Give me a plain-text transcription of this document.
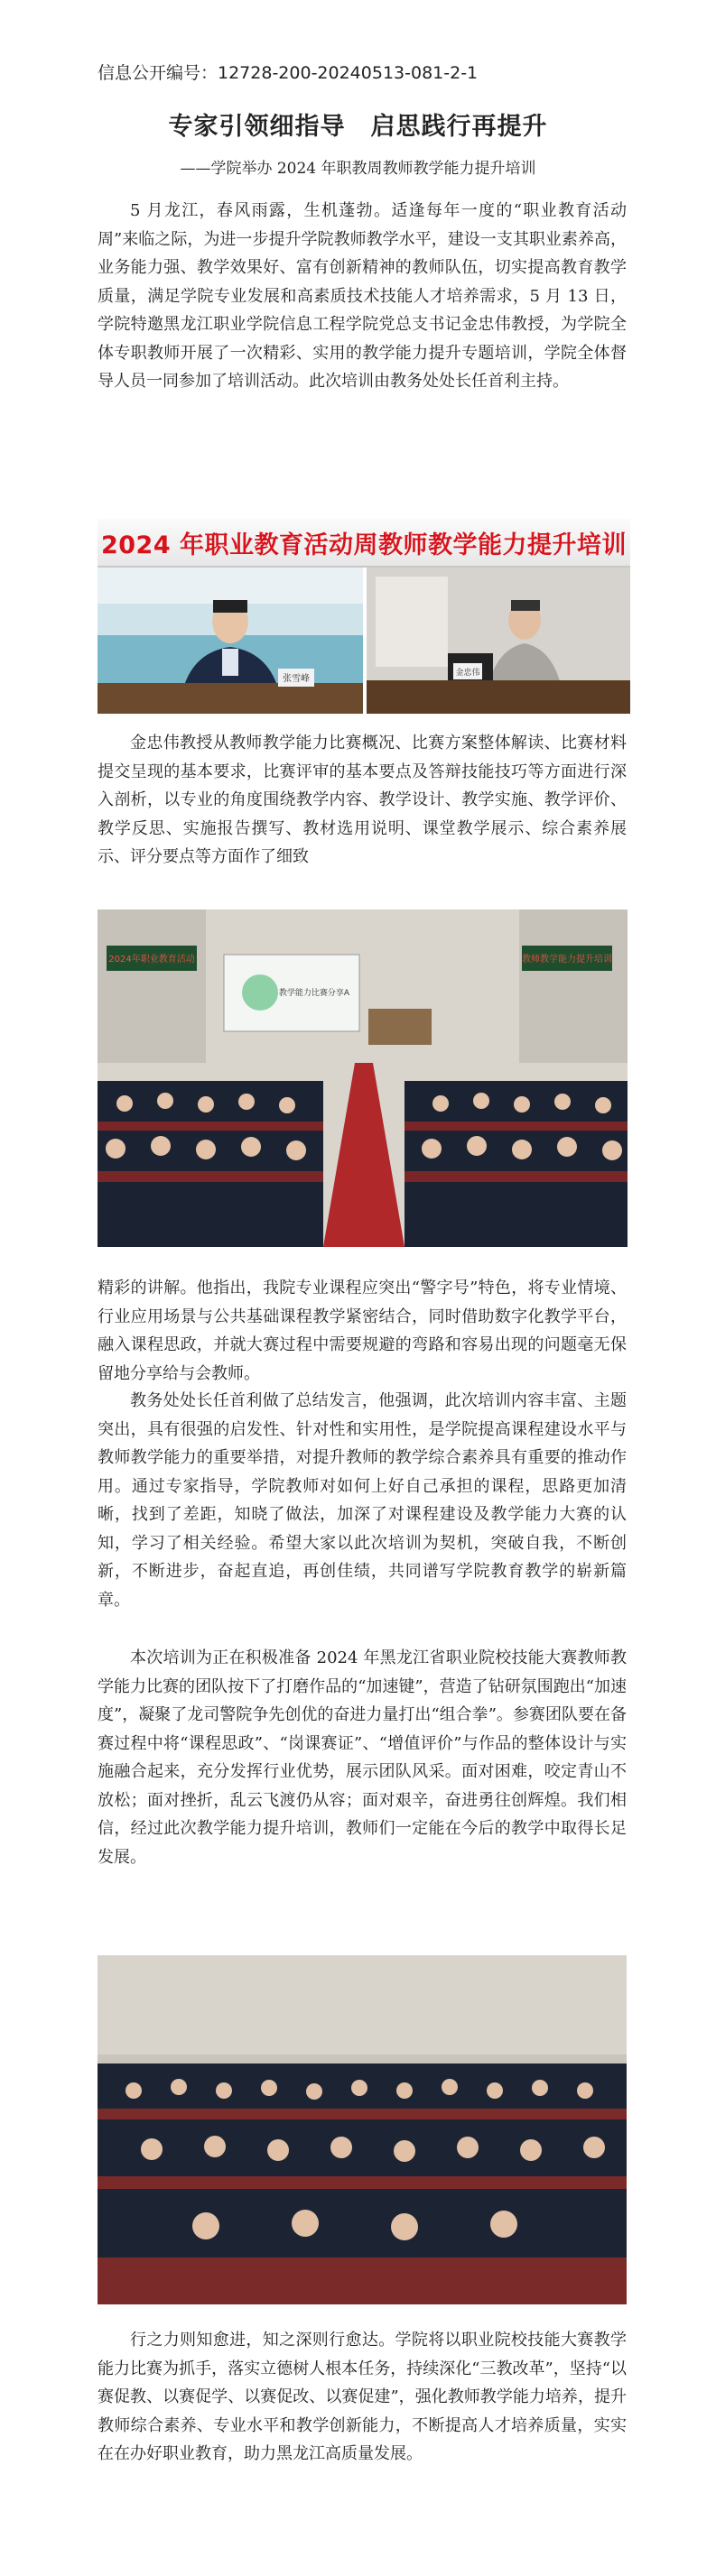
信息公开编号：12728-200-20240513-081-2-1
专家引领细指导　启思践行再提升
——学院举办 2024 年职教周教师教学能力提升培训

5 月龙江，春风雨露，生机蓬勃。适逢每年一度的“职业教育活动周”来临之际，为进一步提升学院教师教学水平，建设一支其职业素养高，业务能力强、教学效果好、富有创新精神的教师队伍，切实提高教育教学质量，满足学院专业发展和高素质技术技能人才培养需求，5 月 13 日，学院特邀黑龙江职业学院信息工程学院党总支书记金忠伟教授，为学院全体专职教师开展了一次精彩、实用的教学能力提升专题培训，学院全体督导人员一同参加了培训活动。此次培训由教务处处长任首利主持。

2024 年职业教育活动周教师教学能力提升培训
张雪峰
金忠伟

金忠伟教授从教师教学能力比赛概况、比赛方案整体解读、比赛材料提交呈现的基本要求，比赛评审的基本要点及答辩技能技巧等方面进行深入剖析，以专业的角度围绕教学内容、教学设计、教学实施、教学评价、教学反思、实施报告撰写、教材选用说明、课堂教学展示、综合素养展示、评分要点等方面作了细致

2024年职业教育活动	教师教学能力提升培训
教学能力比赛分享A

精彩的讲解。他指出，我院专业课程应突出“警字号”特色，将专业情境、行业应用场景与公共基础课程教学紧密结合，同时借助数字化教学平台，融入课程思政，并就大赛过程中需要规避的弯路和容易出现的问题毫无保留地分享给与会教师。

教务处处长任首利做了总结发言，他强调，此次培训内容丰富、主题突出，具有很强的启发性、针对性和实用性，是学院提高课程建设水平与教师教学能力的重要举措，对提升教师的教学综合素养具有重要的推动作用。通过专家指导，学院教师对如何上好自己承担的课程，思路更加清晰，找到了差距，知晓了做法，加深了对课程建设及教学能力大赛的认知，学习了相关经验。希望大家以此次培训为契机，突破自我，不断创新，不断进步，奋起直追，再创佳绩，共同谱写学院教育教学的崭新篇章。

本次培训为正在积极准备 2024 年黑龙江省职业院校技能大赛教师教学能力比赛的团队按下了打磨作品的“加速键”，营造了钻研氛围跑出“加速度”，凝聚了龙司警院争先创优的奋进力量打出“组合拳”。参赛团队要在备赛过程中将“课程思政”、“岗课赛证”、“增值评价”与作品的整体设计与实施融合起来，充分发挥行业优势，展示团队风采。面对困难，咬定青山不放松；面对挫折，乱云飞渡仍从容；面对艰辛，奋进勇往创辉煌。我们相信，经过此次教学能力提升培训，教师们一定能在今后的教学中取得长足发展。

行之力则知愈进，知之深则行愈达。学院将以职业院校技能大赛教学能力比赛为抓手，落实立德树人根本任务，持续深化“三教改革”，坚持“以赛促教、以赛促学、以赛促改、以赛促建”，强化教师教学能力培养，提升教师综合素养、专业水平和教学创新能力，不断提高人才培养质量，实实在在办好职业教育，助力黑龙江高质量发展。
